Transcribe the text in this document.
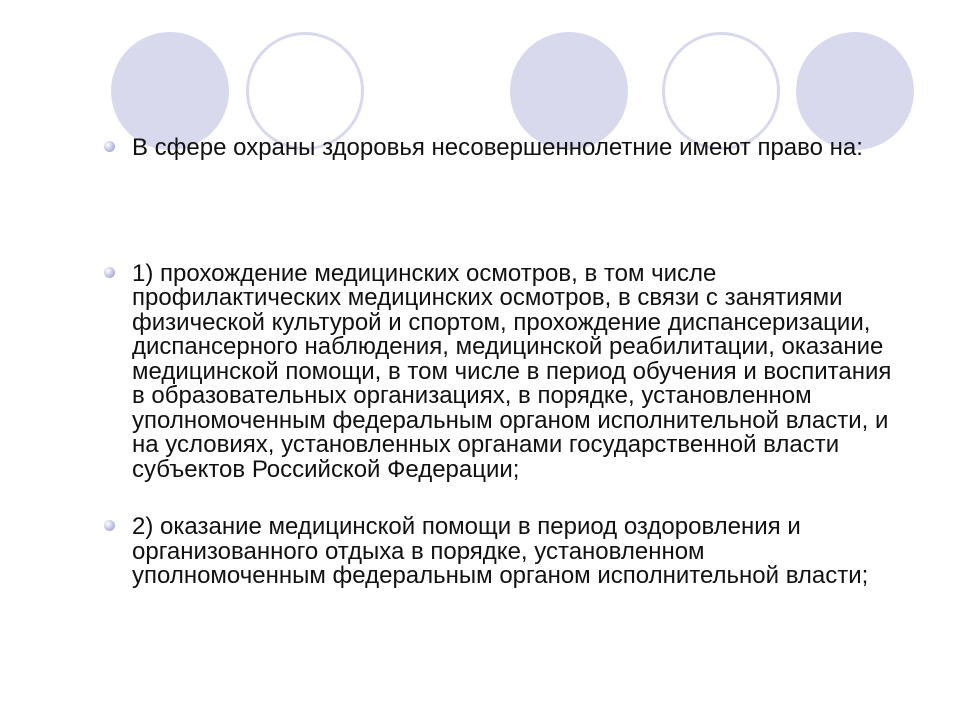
В сфере охраны здоровья несовершеннолетние имеют право на:
1) прохождение медицинских осмотров, в том числе профилактических медицинских осмотров, в связи с занятиями физической культурой и спортом, прохождение диспансеризации, диспансерного наблюдения, медицинской реабилитации, оказание медицинской помощи, в том числе в период обучения и воспитания в образовательных организациях, в порядке, установленном уполномоченным федеральным органом исполнительной власти, и на условиях, установленных органами государственной власти субъектов Российской Федерации;
2) оказание медицинской помощи в период оздоровления и организованного отдыха в порядке, установленном уполномоченным федеральным органом исполнительной власти;
